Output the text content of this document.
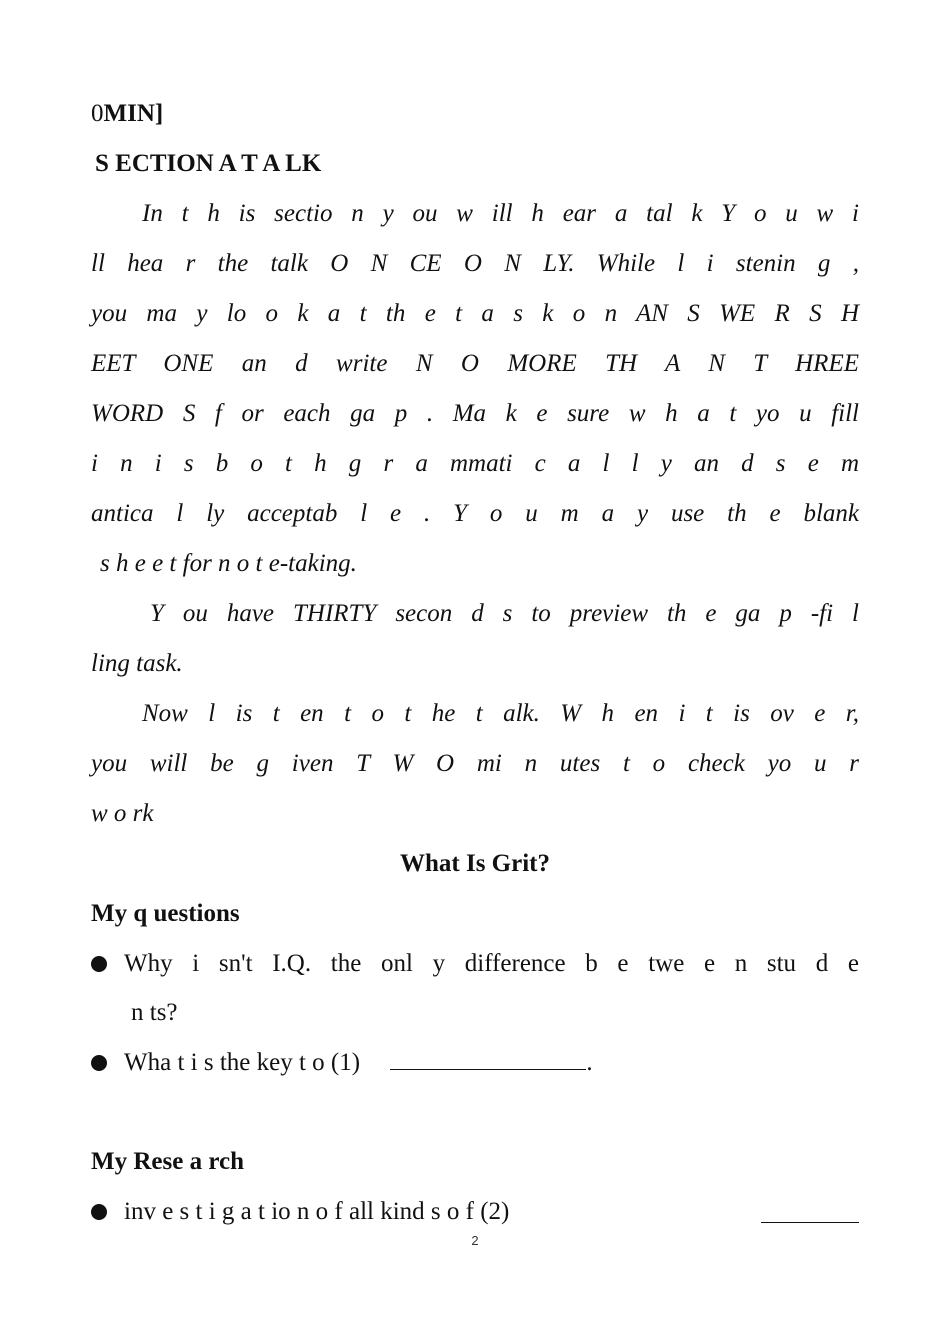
0MIN]
S ECTION A T A LK
In t h is sectio n y ou w ill h ear a tal k Y o u w i
ll hea r the talk O N CE O N LY. While l i stenin g ,
you ma y lo o k a t th e t a s k o n AN S WE R S H
EET ONE an d write N O MORE TH A N T HREE
WORD S f or each ga p . Ma k e sure w h a t yo u fill
i n i s b o t h g r a mmati c a l l y an d s e m
antica l ly acceptab l e . Y o u m a y use th e blank
s h e e t for n o t e-taking.
Y ou have THIRTY secon d s to preview th e ga p -fi l
ling task.
Now l is t en t o t he t alk. W h en i t is ov e r,
you will be g iven T W O mi n utes t o check yo u r
w o rk
What Is Grit?
My q uestions
Why i sn't I.Q. the onl y difference b e twe e n stu d e
n ts?
Wha t i s the key t o (1)	.
My Rese a rch
inv e s t i g a t io n o f all kind s o f (2)
2
